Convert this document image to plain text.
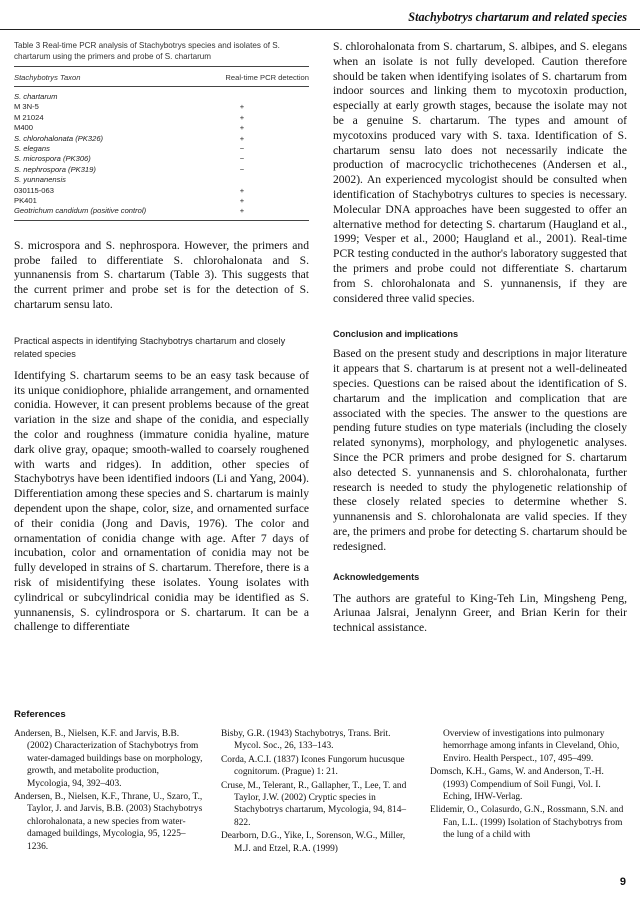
Stachybotrys chartarum and related species
Table 3 Real-time PCR analysis of Stachybotrys species and isolates of S. chartarum using the primers and probe of S. chartarum
Stachybotrys Taxon	Real-time PCR detection
S. chartarum
M 3N-5	+
M 21024	+
M400	+
S. chlorohalonata (PK326)	+
S. elegans	−
S. microspora (PK306)	−
S. nephrospora (PK319)	−
S. yunnanensis
030115-063	+
PK401	+
Geotrichum candidum (positive control)	+

S. microspora and S. nephrospora. However, the primers and probe failed to differentiate S. chlorohalonata and S. yunnanensis from S. chartarum (Table 3). This suggests that the current primer and probe set is for the detection of S. chartarum sensu lato.

Practical aspects in identifying Stachybotrys chartarum and closely related species

Identifying S. chartarum seems to be an easy task because of its unique conidiophore, phialide arrangement, and ornamented conidia. However, it can present problems because of the great variation in the size and shape of the conidia, and especially the color and roughness (immature conidia hyaline, mature dark olive gray, opaque; smooth-walled to coarsely roughened with warts and ridges). In addition, other species of Stachybotrys have been identified indoors (Li and Yang, 2004). Differentiation among these species and S. chartarum is mainly dependent upon the shape, color, size, and ornamented surface of their conidia (Jong and Davis, 1976). The color and ornamentation of conidia change with age. After 7 days of incubation, color and ornamentation of conidia may not be fully developed in strains of S. chartarum. Therefore, there is a risk of misidentifying these isolates. Young isolates with cylindrical or subcylindrical conidia may be identified as S. yunnanensis, S. cylindrospora or S. chartarum. It can be a challenge to differentiate

S. chlorohalonata from S. chartarum, S. albipes, and S. elegans when an isolate is not fully developed. Caution therefore should be taken when identifying isolates of S. chartarum from indoor sources and linking them to mycotoxin production, especially at early growth stages, because the isolate may not be a genuine S. chartarum. The types and amount of mycotoxins produced vary with S. taxa. Identification of S. chartarum sensu lato does not necessarily indicate the production of macrocyclic trichothecenes (Andersen et al., 2002). An experienced mycologist should be consulted when identification of Stachybotrys cultures to species is necessary. Molecular DNA approaches have been suggested to offer an alternative method for detecting S. chartarum (Haugland et al., 1999; Vesper et al., 2000; Haugland et al., 2001). Real-time PCR testing conducted in the author's laboratory suggested that the primers and probe could not differentiate S. chartarum from S. chlorohalonata and S. yunnanensis, if they are considered three valid species.

Conclusion and implications

Based on the present study and descriptions in major literature it appears that S. chartarum is at present not a well-delineated species. Questions can be raised about the identification of S. chartarum and the implication and complication that are associated with the species. The answer to the questions are pending future studies on type materials (including the closely related synonyms), morphology, and phylogenetic analyses. Since the PCR primers and probe designed for S. chartarum also detected S. yunnanensis and S. chlorohalonata, further research is needed to study the phylogenetic relationship of these closely related species to determine whether S. yunnanensis and S. chlorohalonata are valid species. If they are, the primers and probe for detecting S. chartarum should be redesigned.

Acknowledgements

The authors are grateful to King-Teh Lin, Mingsheng Peng, Ariunaa Jalsrai, Jenalynn Greer, and Brian Kerin for their technical assistance.

References

Andersen, B., Nielsen, K.F. and Jarvis, B.B. (2002) Characterization of Stachybotrys from water-damaged buildings base on morphology, growth, and metabolite production, Mycologia, 94, 392–403.

Andersen, B., Nielsen, K.F., Thrane, U., Szaro, T., Taylor, J. and Jarvis, B.B. (2003) Stachybotrys chlorohalonata, a new species from water-damaged buildings, Mycologia, 95, 1225–1236.

Bisby, G.R. (1943) Stachybotrys, Trans. Brit. Mycol. Soc., 26, 133–143.

Corda, A.C.I. (1837) Icones Fungorum hucusque cognitorum. (Prague) 1: 21.

Cruse, M., Telerant, R., Gallapher, T., Lee, T. and Taylor, J.W. (2002) Cryptic species in Stachybotrys chartarum, Mycologia, 94, 814–822.

Dearborn, D.G., Yike, I., Sorenson, W.G., Miller, M.J. and Etzel, R.A. (1999)

Overview of investigations into pulmonary hemorrhage among infants in Cleveland, Ohio, Enviro. Health Perspect., 107, 495–499.

Domsch, K.H., Gams, W. and Anderson, T.-H. (1993) Compendium of Soil Fungi, Vol. I. Eching, IHW-Verlag.

Elidemir, O., Colasurdo, G.N., Rossmann, S.N. and Fan, L.L. (1999) Isolation of Stachybotrys from the lung of a child with

9
